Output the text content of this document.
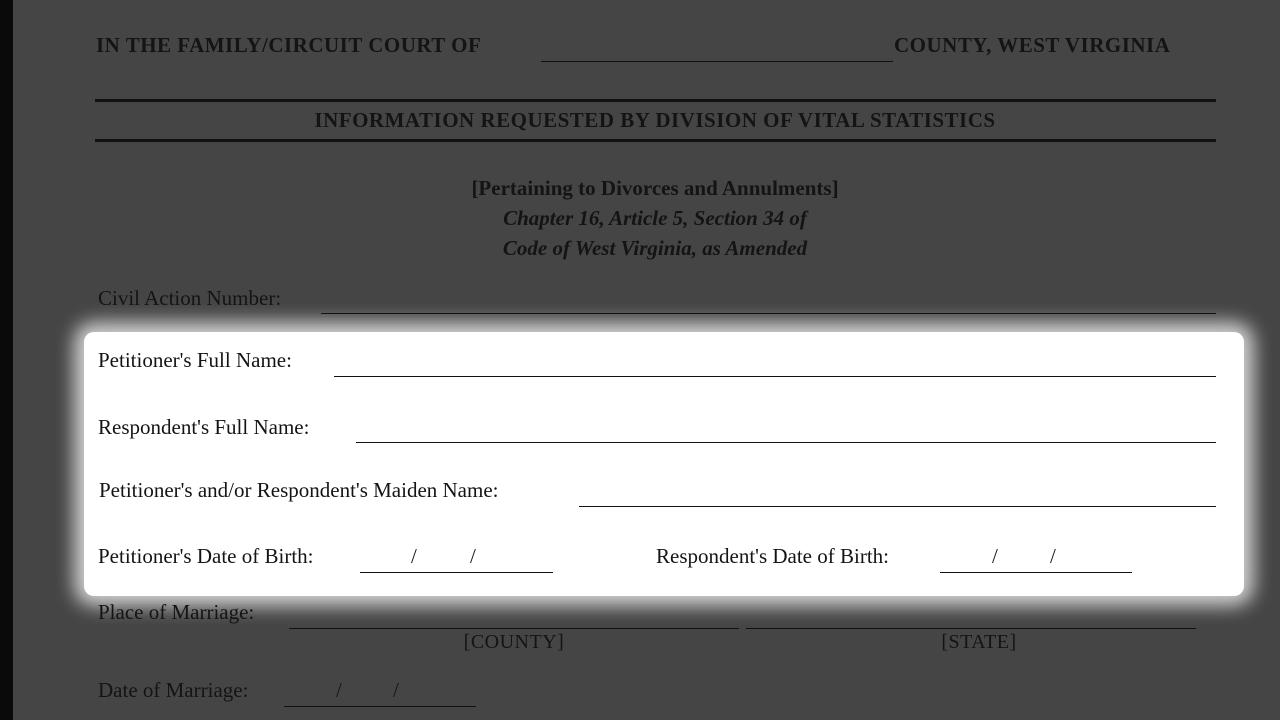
IN THE FAMILY/CIRCUIT COURT OF	COUNTY, WEST VIRGINIA
INFORMATION REQUESTED BY DIVISION OF VITAL STATISTICS
[Pertaining to Divorces and Annulments]
Chapter 16, Article 5, Section 34 of
Code of West Virginia, as Amended
Civil Action Number:
Petitioner's Full Name:
Respondent's Full Name:
Petitioner's and/or Respondent's Maiden Name:
Petitioner's Date of Birth:	/	/	Respondent's Date of Birth:	/ /
Place of Marriage:
[COUNTY]	[STATE]
Date of Marriage:	/ /
